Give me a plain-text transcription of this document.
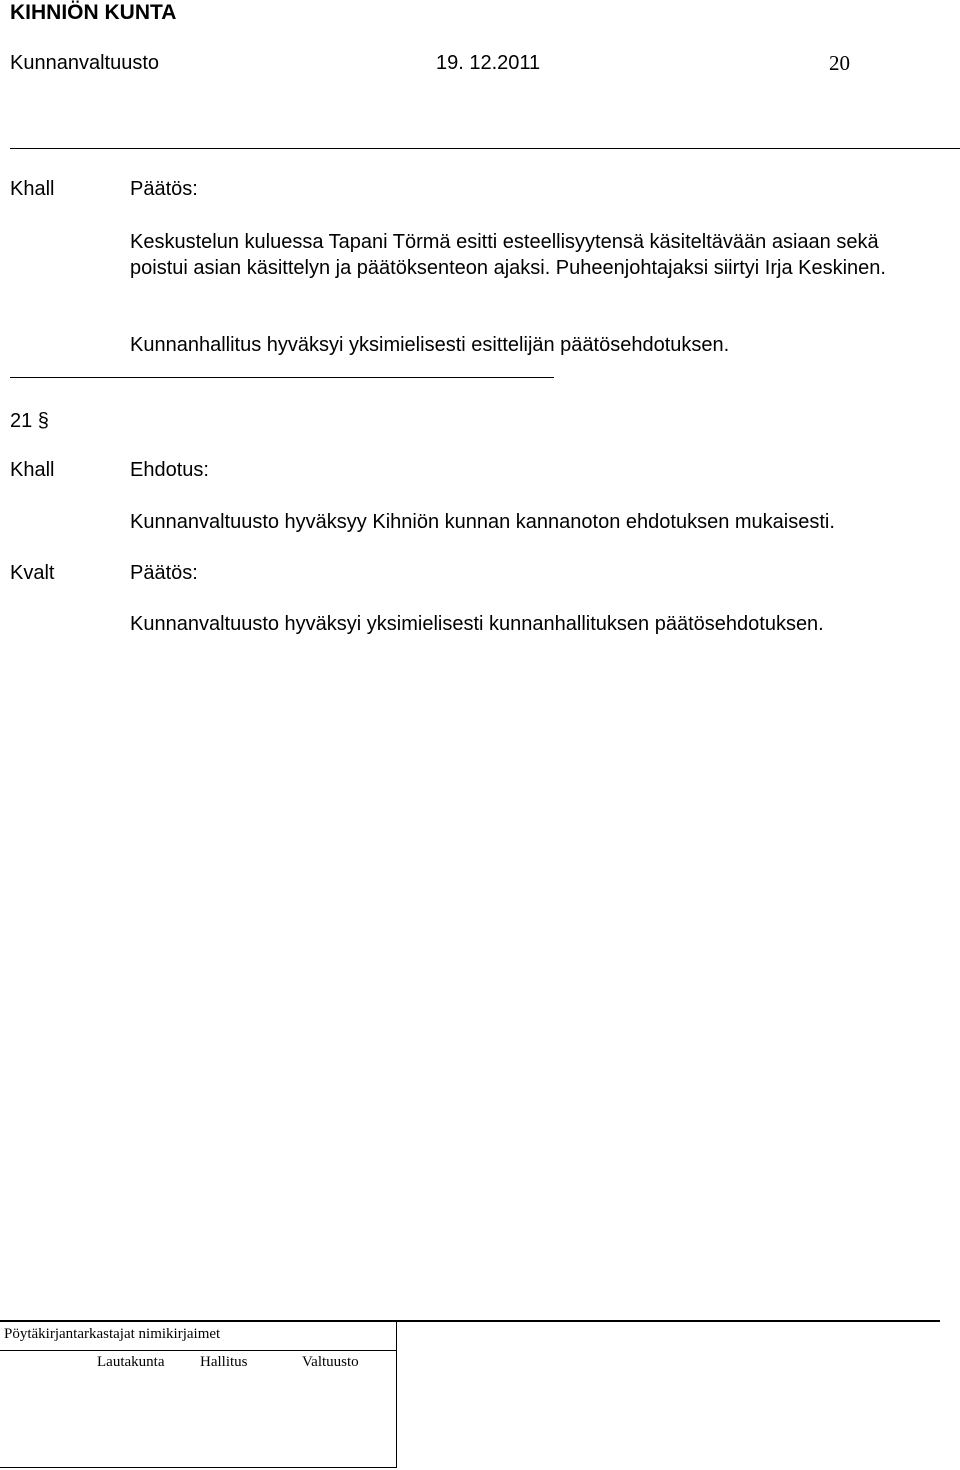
KIHNIÖN KUNTA
Kunnanvaltuusto	19. 12.2011	20
Khall	Päätös:
Keskustelun kuluessa Tapani Törmä esitti esteellisyytensä käsiteltävään asiaan sekä poistui asian käsittelyn ja päätöksenteon ajaksi. Puheenjohtajaksi siirtyi Irja Keskinen.
Kunnanhallitus hyväksyi yksimielisesti esittelijän päätösehdotuksen.
21 §
Khall	Ehdotus:
Kunnanvaltuusto hyväksyy Kihniön kunnan kannanoton ehdotuksen mukaisesti.
Kvalt	Päätös:
Kunnanvaltuusto hyväksyi yksimielisesti kunnanhallituksen päätösehdotuksen.
Pöytäkirjantarkastajat nimikirjaimet
Lautakunta Hallitus	Valtuusto
